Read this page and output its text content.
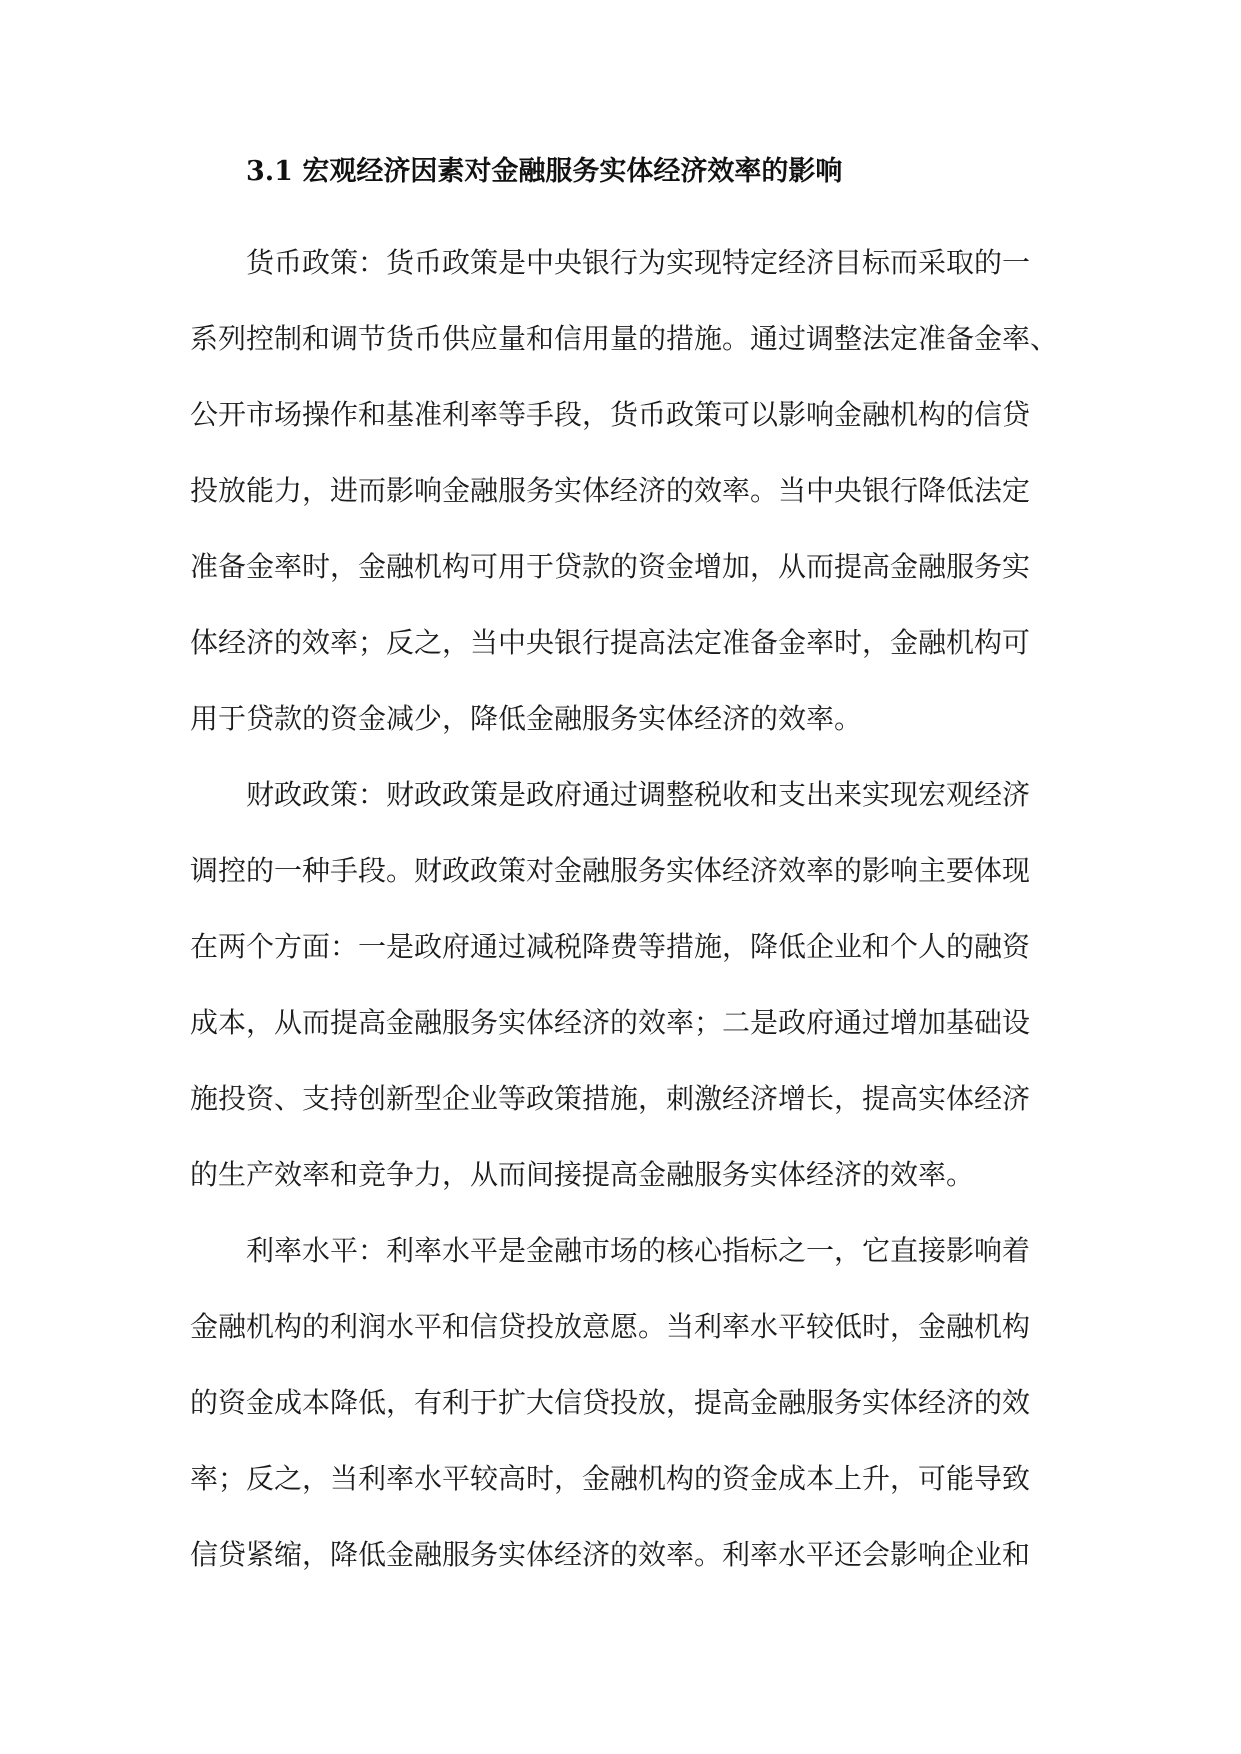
3.1 宏观经济因素对金融服务实体经济效率的影响
货币政策：货币政策是中央银行为实现特定经济目标而采取的一
系列控制和调节货币供应量和信用量的措施。通过调整法定准备金率、
公开市场操作和基准利率等手段，货币政策可以影响金融机构的信贷
投放能力，进而影响金融服务实体经济的效率。当中央银行降低法定
准备金率时，金融机构可用于贷款的资金增加，从而提高金融服务实
体经济的效率；反之，当中央银行提高法定准备金率时，金融机构可
用于贷款的资金减少，降低金融服务实体经济的效率。
财政政策：财政政策是政府通过调整税收和支出来实现宏观经济
调控的一种手段。财政政策对金融服务实体经济效率的影响主要体现
在两个方面：一是政府通过减税降费等措施，降低企业和个人的融资
成本，从而提高金融服务实体经济的效率；二是政府通过增加基础设
施投资、支持创新型企业等政策措施，刺激经济增长，提高实体经济
的生产效率和竞争力，从而间接提高金融服务实体经济的效率。
利率水平：利率水平是金融市场的核心指标之一，它直接影响着
金融机构的利润水平和信贷投放意愿。当利率水平较低时，金融机构
的资金成本降低，有利于扩大信贷投放，提高金融服务实体经济的效
率；反之，当利率水平较高时，金融机构的资金成本上升，可能导致
信贷紧缩，降低金融服务实体经济的效率。利率水平还会影响企业和
